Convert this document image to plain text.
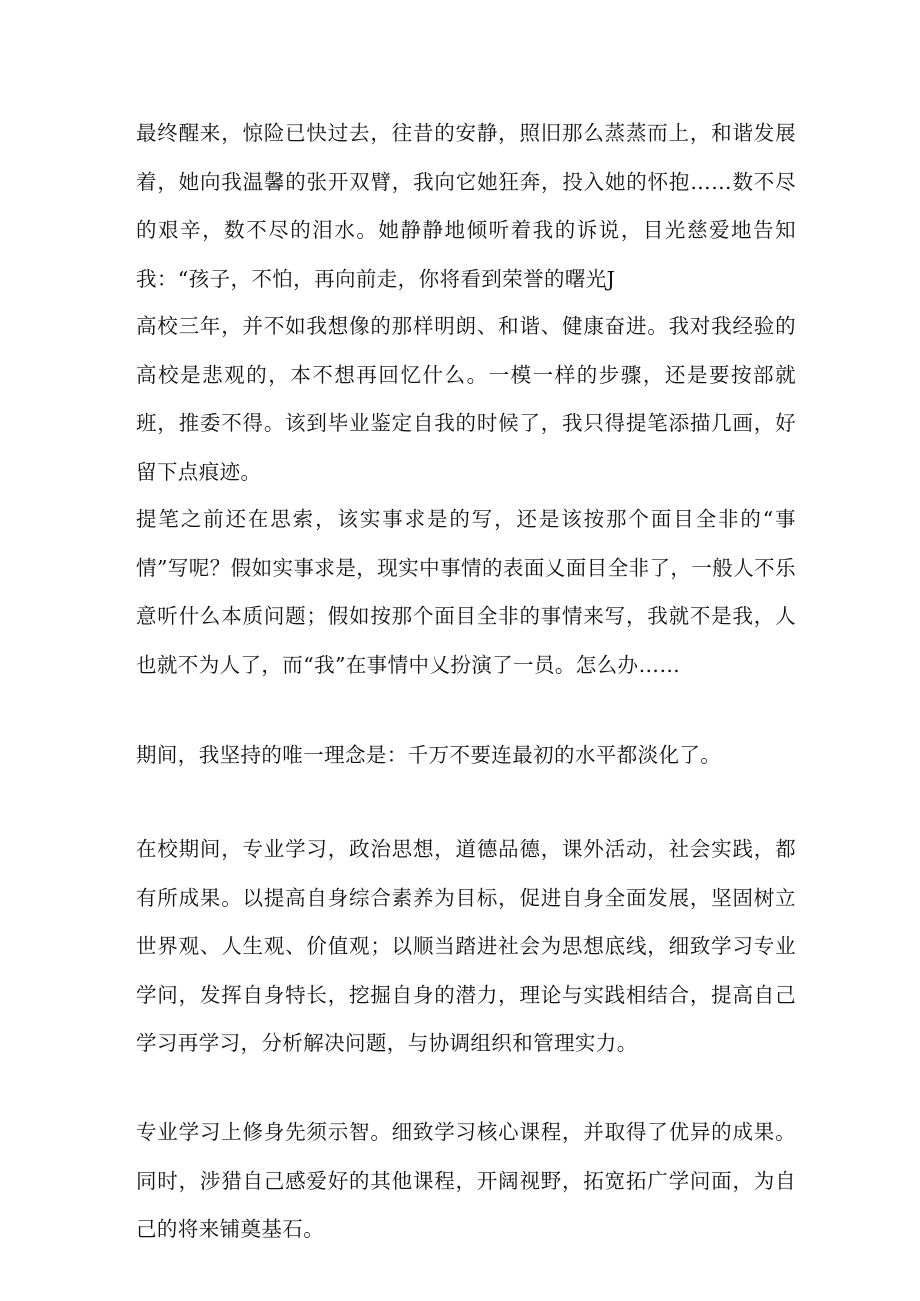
最终醒来，惊险已快过去，往昔的安静，照旧那么蒸蒸而上，和谐发展着，她向我温馨的张开双臂，我向它她狂奔，投入她的怀抱……数不尽的艰辛，数不尽的泪水。她静静地倾听着我的诉说，目光慈爱地告知我：“孩子，不怕，再向前走，你将看到荣誉的曙光J

高校三年，并不如我想像的那样明朗、和谐、健康奋进。我对我经验的高校是悲观的，本不想再回忆什么。一模一样的步骤，还是要按部就班，推委不得。该到毕业鉴定自我的时候了，我只得提笔添描几画，好留下点痕迹。

提笔之前还在思索，该实事求是的写，还是该按那个面目全非的“事情”写呢？假如实事求是，现实中事情的表面乂面目全非了，一般人不乐意听什么本质问题；假如按那个面目全非的事情来写，我就不是我，人也就不为人了，而“我”在事情中乂扮演了一员。怎么办……

期间，我坚持的唯一理念是：千万不要连最初的水平都淡化了。

在校期间，专业学习，政治思想，道德品德，课外活动，社会实践，都有所成果。以提高自身综合素养为目标，促进自身全面发展，坚固树立世界观、人生观、价值观；以顺当踏进社会为思想底线，细致学习专业学问，发挥自身特长，挖掘自身的潜力，理论与实践相结合，提高自己学习再学习，分析解决问题，与协调组织和管理实力。

专业学习上修身先须示智。细致学习核心课程，并取得了优异的成果。同时，涉猎自己感爱好的其他课程，开阔视野，拓宽拓广学问面，为自己的将来铺奠基石。
